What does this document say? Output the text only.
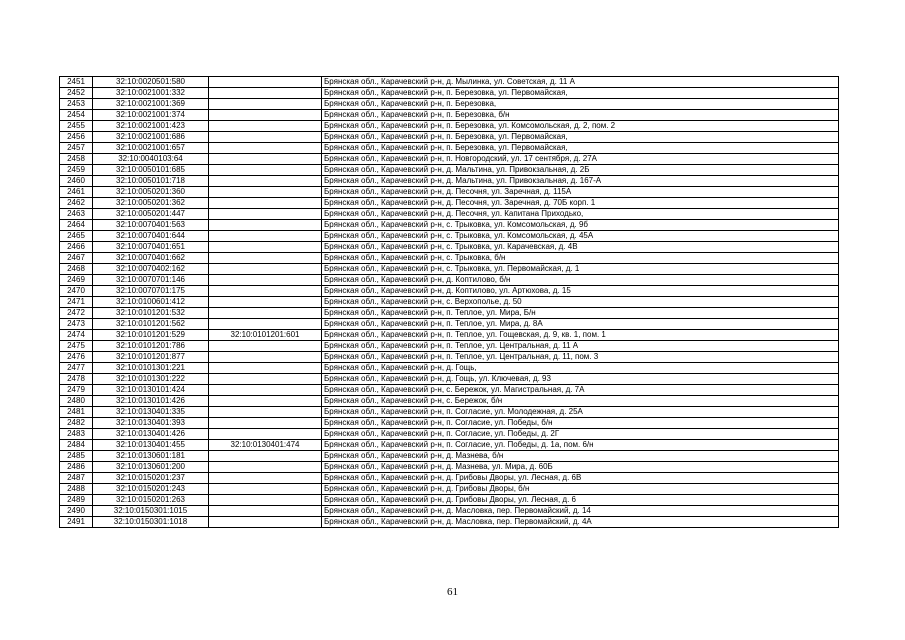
2451	32:10:0020501:580		Брянская обл., Карачевский р-н, д. Мылинка, ул. Советская, д. 11 А
2452	32:10:0021001:332		Брянская обл., Карачевский р-н, п. Березовка, ул. Первомайская,
2453	32:10:0021001:369		Брянская обл., Карачевский р-н, п. Березовка,
2454	32:10:0021001:374		Брянская обл., Карачевский р-н, п. Березовка, б/н
2455	32:10:0021001:423		Брянская обл., Карачевский р-н, п. Березовка, ул. Комсомольская, д. 2, пом. 2
2456	32:10:0021001:686		Брянская обл., Карачевский р-н, п. Березовка, ул. Первомайская,
2457	32:10:0021001:657		Брянская обл., Карачевский р-н, п. Березовка, ул. Первомайская,
2458	32:10:0040103:64		Брянская обл., Карачевский р-н, п. Новгородский, ул. 17 сентября, д. 27А
2459	32:10:0050101:685		Брянская обл., Карачевский р-н, д. Мальтина, ул. Привокзальная, д. 2Б
2460	32:10:0050101:718		Брянская обл., Карачевский р-н, д. Мальтина, ул. Привокзальная, д. 167-А
2461	32:10:0050201:360		Брянская обл., Карачевский р-н, д. Песочня, ул. Заречная, д. 115А
2462	32:10:0050201:362		Брянская обл., Карачевский р-н, д. Песочня, ул. Заречная, д. 70Б корп. 1
2463	32:10:0050201:447		Брянская обл., Карачевский р-н, д. Песочня, ул. Капитана Приходько,
2464	32:10:0070401:563		Брянская обл., Карачевский р-н, с. Трыковка, ул. Комсомольская, д. 9б
2465	32:10:0070401:644		Брянская обл., Карачевский р-н, с. Трыковка, ул. Комсомольская, д. 45А
2466	32:10:0070401:651		Брянская обл., Карачевский р-н, с. Трыковка, ул. Карачевская, д. 4В
2467	32:10:0070401:662		Брянская обл., Карачевский р-н, с. Трыковка, б/н
2468	32:10:0070402:162		Брянская обл., Карачевский р-н, с. Трыковка, ул. Первомайская, д. 1
2469	32:10:0070701:146		Брянская обл., Карачевский р-н, д. Коптилово, б/н
2470	32:10:0070701:175		Брянская обл., Карачевский р-н, д. Коптилово, ул. Артюхова, д. 15
2471	32:10:0100601:412		Брянская обл., Карачевский р-н, с. Верхополье, д. 50
2472	32:10:0101201:532		Брянская обл., Карачевский р-н, п. Теплое, ул. Мира, Б/н
2473	32:10:0101201:562		Брянская обл., Карачевский р-н, п. Теплое, ул. Мира, д. 8А
2474	32:10:0101201:529	32:10:0101201:601	Брянская обл., Карачевский р-н, п. Теплое, ул. Гощевская, д. 9, кв. 1, пом. 1
2475	32:10:0101201:786		Брянская обл., Карачевский р-н, п. Теплое, ул. Центральная, д. 11 А
2476	32:10:0101201:877		Брянская обл., Карачевский р-н, п. Теплое, ул. Центральная, д. 11, пом. 3
2477	32:10:0101301:221		Брянская обл., Карачевский р-н, д. Гощь,
2478	32:10:0101301:222		Брянская обл., Карачевский р-н, д. Гощь, ул. Ключевая, д. 93
2479	32:10:0130101:424		Брянская обл., Карачевский р-н, с. Бережок, ул. Магистральная, д. 7А
2480	32:10:0130101:426		Брянская обл., Карачевский р-н, с. Бережок, б/н
2481	32:10:0130401:335		Брянская обл., Карачевский р-н, п. Согласие, ул. Молодежная, д. 25А
2482	32:10:0130401:393		Брянская обл., Карачевский р-н, п. Согласие, ул. Победы, б/н
2483	32:10:0130401:426		Брянская обл., Карачевский р-н, п. Согласие, ул. Победы, д. 2Г
2484	32:10:0130401:455	32:10:0130401:474	Брянская обл., Карачевский р-н, п. Согласие, ул. Победы, д. 1а, пом. 6/н
2485	32:10:0130601:181		Брянская обл., Карачевский р-н, д. Мазнева, б/н
2486	32:10:0130601:200		Брянская обл., Карачевский р-н, д. Мазнева, ул. Мира, д. 60Б
2487	32:10:0150201:237		Брянская обл., Карачевский р-н, д. Грибовы Дворы, ул. Лесная, д. 6В
2488	32:10:0150201:243		Брянская обл., Карачевский р-н, д. Грибовы Дворы, б/н
2489	32:10:0150201:263		Брянская обл., Карачевский р-н, д. Грибовы Дворы, ул. Лесная, д. 6
2490	32:10:0150301:1015		Брянская обл., Карачевский р-н, д. Масловка, пер. Первомайский, д. 14
2491	32:10:0150301:1018		Брянская обл., Карачевский р-н, д. Масловка, пер. Первомайский, д. 4А
61
